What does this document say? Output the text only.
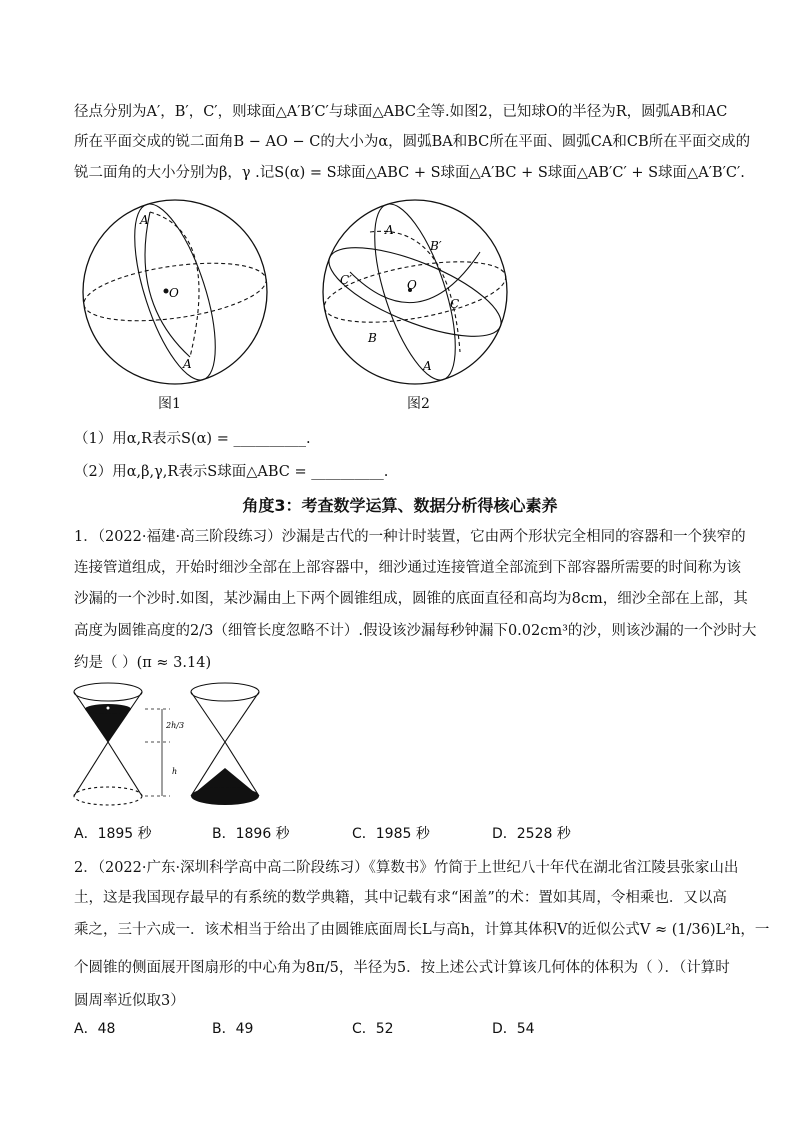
径点分别为A′，B′，C′，则球面△A′B′C′与球面△ABC全等.如图2，已知球O的半径为R，圆弧AB和AC
所在平面交成的锐二面角B − AO − C的大小为α，圆弧BA和BC所在平面、圆弧CA和CB所在平面交成的
锐二面角的大小分别为β，γ .记S(α) = S球面△ABC + S球面△A′BC + S球面△AB′C′ + S球面△A′B′C′.
O
A
A
图1
O
A
B′
C′
C
B
A
图2
（1）用α,R表示S(α) = __________.
（2）用α,β,γ,R表示S球面△ABC = __________.
角度3：考查数学运算、数据分析得核心素养
1．（2022·福建·高三阶段练习）沙漏是古代的一种计时装置，它由两个形状完全相同的容器和一个狭窄的
连接管道组成，开始时细沙全部在上部容器中，细沙通过连接管道全部流到下部容器所需要的时间称为该
沙漏的一个沙时.如图，某沙漏由上下两个圆锥组成，圆锥的底面直径和高均为8cm，细沙全部在上部，其
高度为圆锥高度的2/3（细管长度忽略不计）.假设该沙漏每秒钟漏下0.02cm³的沙，则该沙漏的一个沙时大
约是（ ）(π ≈ 3.14)
2h/3
h
A．1895 秒	B．1896 秒	C．1985 秒	D．2528 秒
2．（2022·广东·深圳科学高中高二阶段练习）《算数书》竹简于上世纪八十年代在湖北省江陵县张家山出
土，这是我国现存最早的有系统的数学典籍，其中记载有求“囷盖”的术：置如其周，令相乘也．又以高
乘之，三十六成一．该术相当于给出了由圆锥底面周长L与高h，计算其体积V的近似公式V ≈ (1/36)L²h，一
个圆锥的侧面展开图扇形的中心角为8π/5，半径为5．按上述公式计算该几何体的体积为（ ）．（计算时
圆周率近似取3）
A．48	B．49	C．52	D．54
